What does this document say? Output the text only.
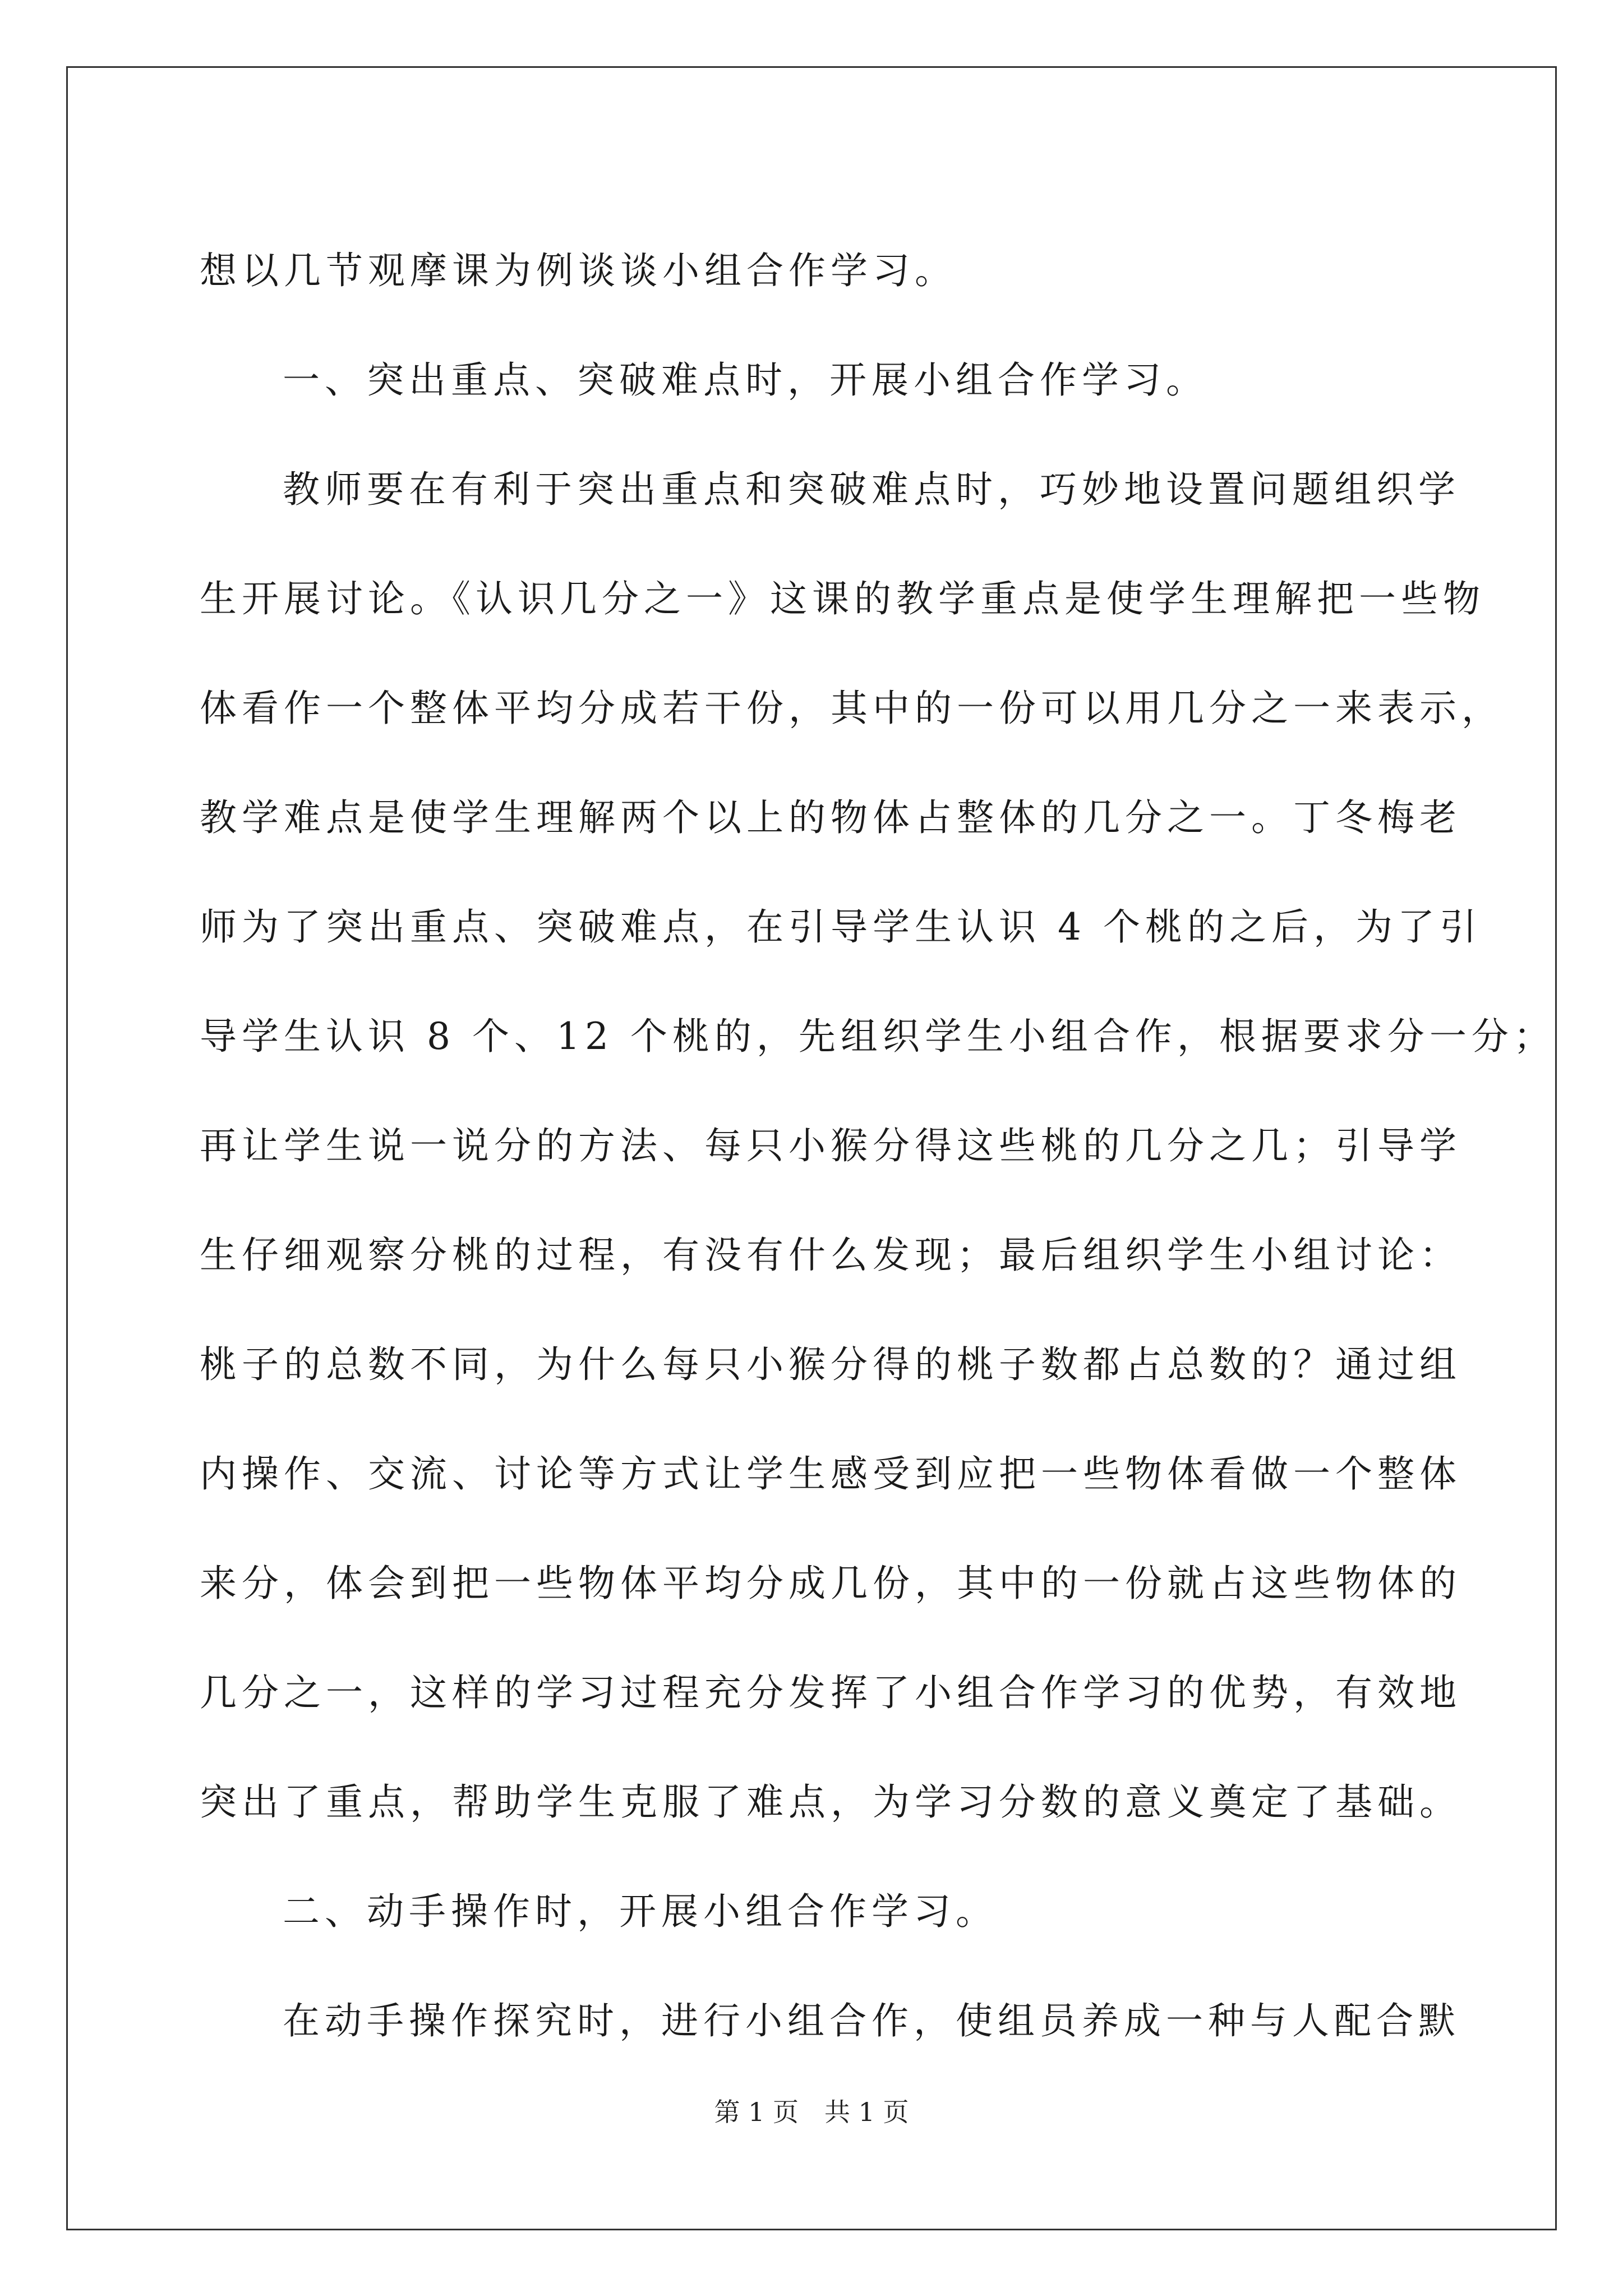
想以几节观摩课为例谈谈小组合作学习。
一、突出重点、突破难点时，开展小组合作学习。
教师要在有利于突出重点和突破难点时，巧妙地设置问题组织学
生开展讨论。《认识几分之一》这课的教学重点是使学生理解把一些物
体看作一个整体平均分成若干份，其中的一份可以用几分之一来表示，
教学难点是使学生理解两个以上的物体占整体的几分之一。丁冬梅老
师为了突出重点、突破难点，在引导学生认识 4 个桃的之后，为了引
导学生认识 8 个、12 个桃的，先组织学生小组合作，根据要求分一分；
再让学生说一说分的方法、每只小猴分得这些桃的几分之几；引导学
生仔细观察分桃的过程，有没有什么发现；最后组织学生小组讨论：
桃子的总数不同，为什么每只小猴分得的桃子数都占总数的？通过组
内操作、交流、讨论等方式让学生感受到应把一些物体看做一个整体
来分，体会到把一些物体平均分成几份，其中的一份就占这些物体的
几分之一，这样的学习过程充分发挥了小组合作学习的优势，有效地
突出了重点，帮助学生克服了难点，为学习分数的意义奠定了基础。
二、动手操作时，开展小组合作学习。
在动手操作探究时，进行小组合作，使组员养成一种与人配合默
第 1 页　共 1 页
